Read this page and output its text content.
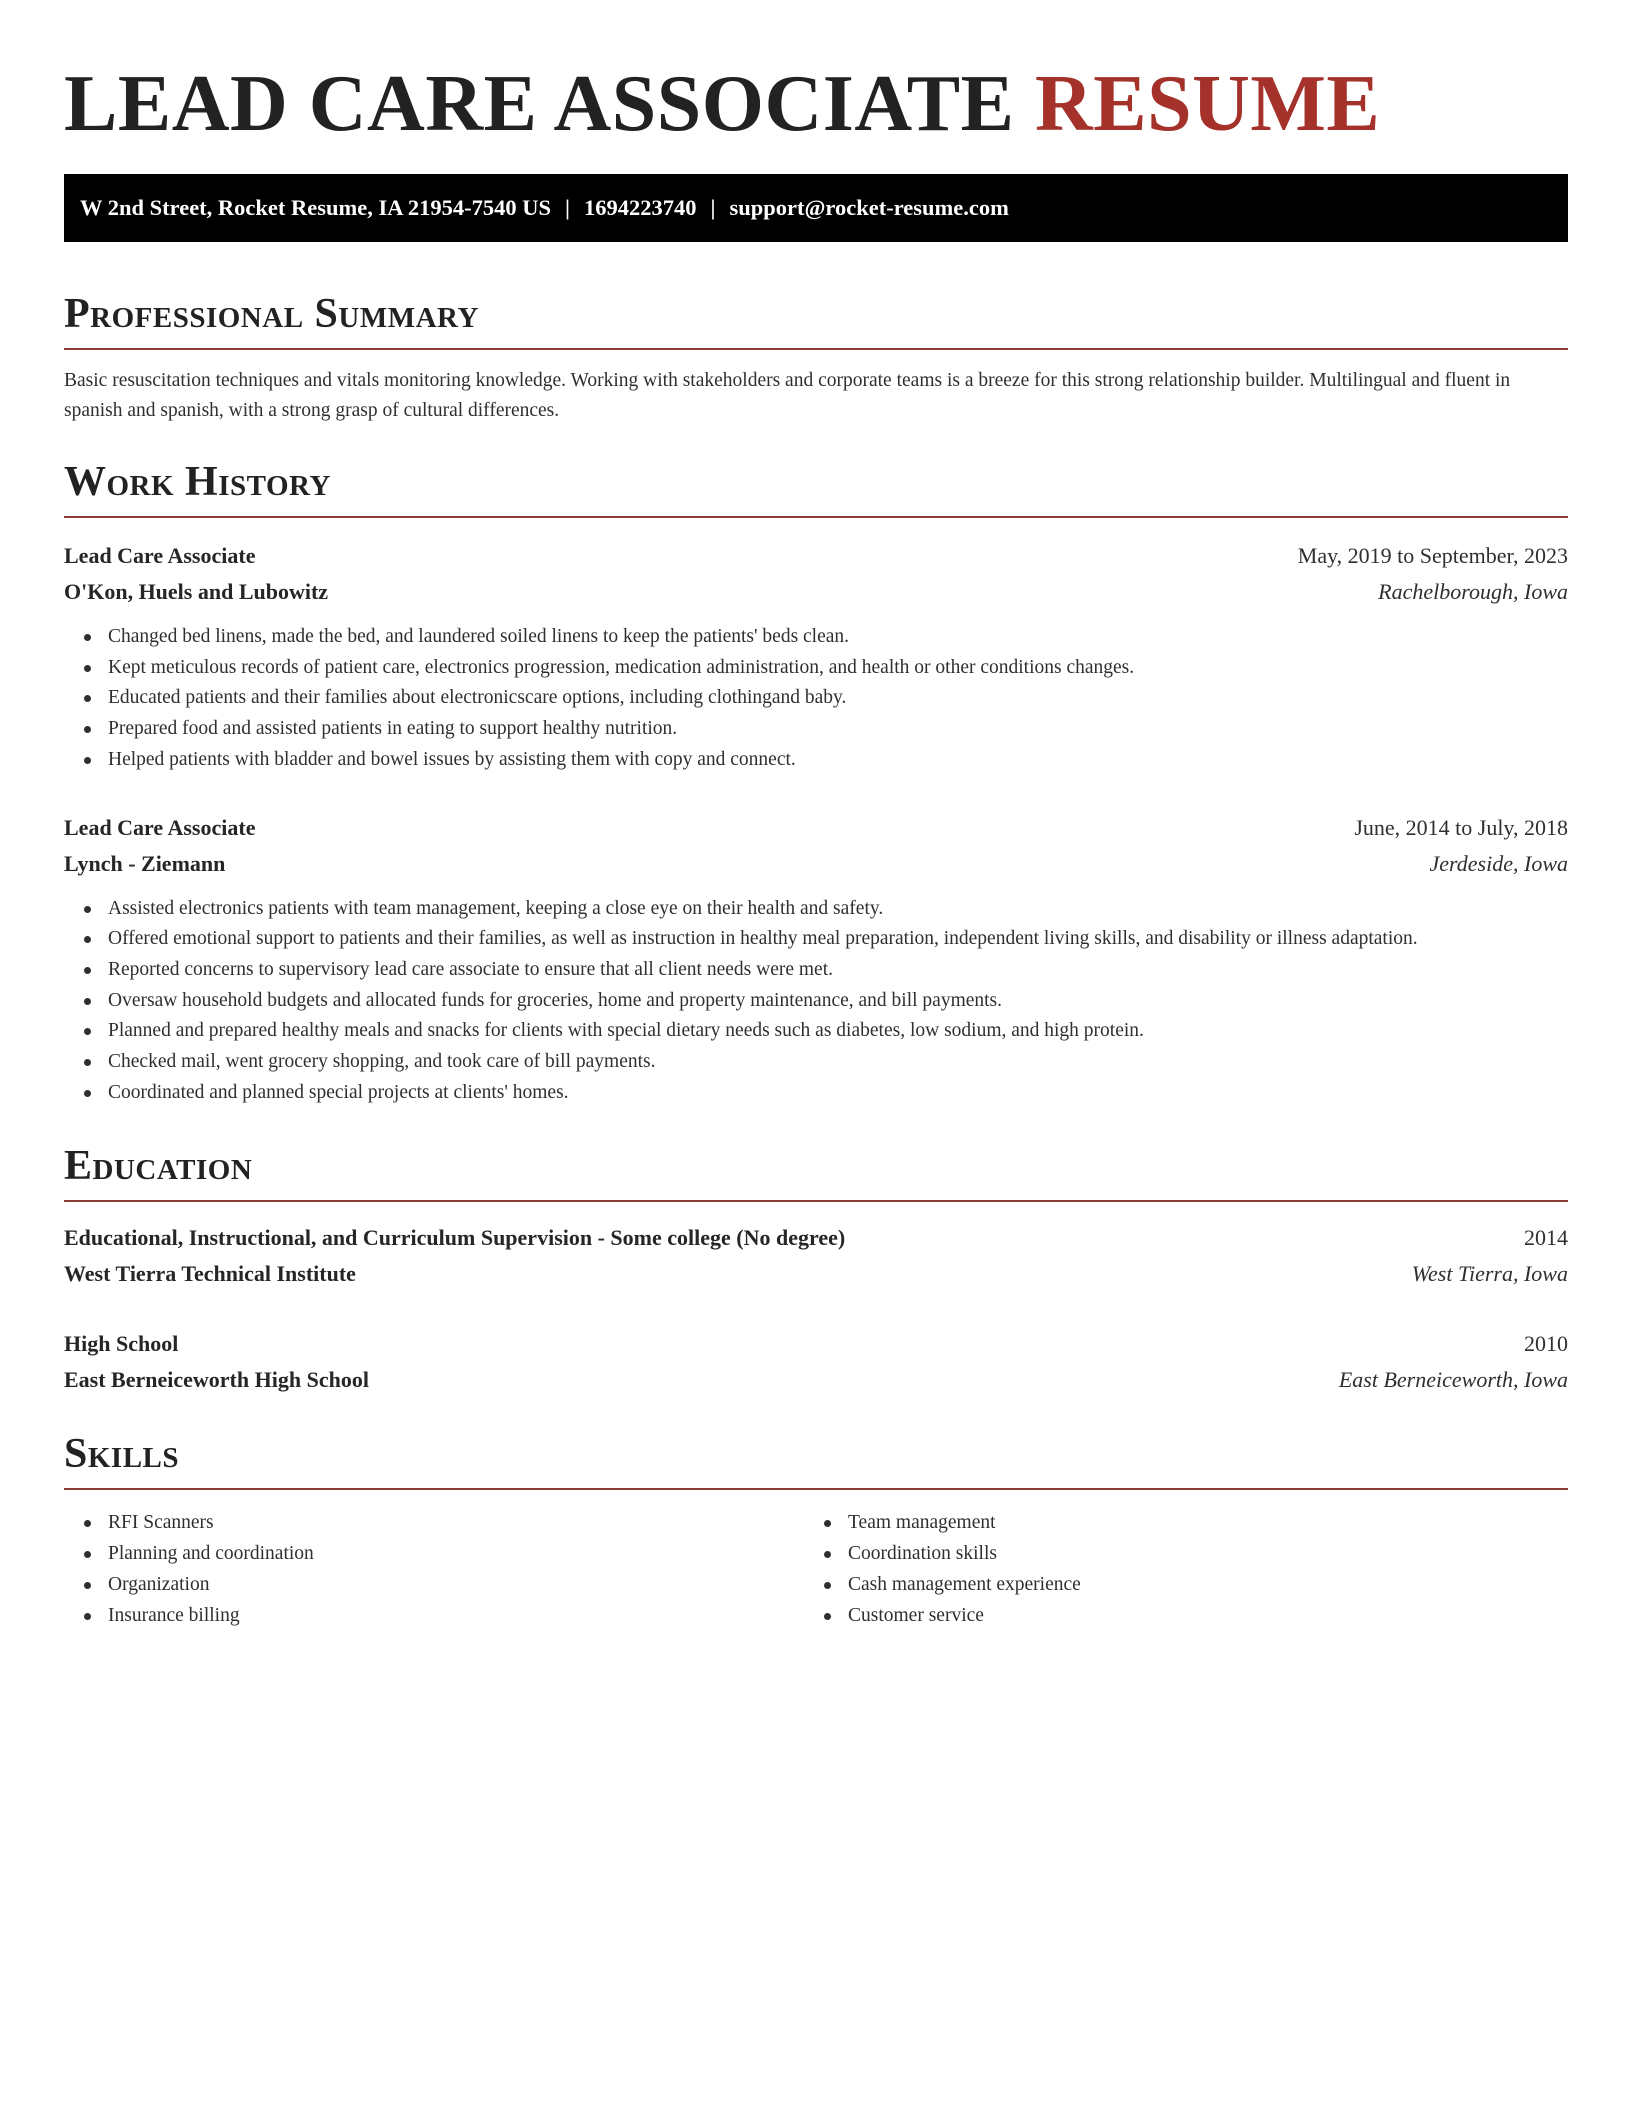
LEAD CARE ASSOCIATE RESUME
W 2nd Street, Rocket Resume, IA 21954-7540 US | 1694223740 | support@rocket-resume.com
Professional Summary

Basic resuscitation techniques and vitals monitoring knowledge. Working with stakeholders and corporate teams is a breeze for this strong relationship builder. Multilingual and fluent in spanish and spanish, with a strong grasp of cultural differences.

Work History
Lead Care Associate	May, 2019 to September, 2023
O'Kon, Huels and Lubowitz	Rachelborough, Iowa
Changed bed linens, made the bed, and laundered soiled linens to keep the patients' beds clean.
Kept meticulous records of patient care, electronics progression, medication administration, and health or other conditions changes.
Educated patients and their families about electronicscare options, including clothingand baby.
Prepared food and assisted patients in eating to support healthy nutrition.
Helped patients with bladder and bowel issues by assisting them with copy and connect.
Lead Care Associate	June, 2014 to July, 2018
Lynch - Ziemann	Jerdeside, Iowa
Assisted electronics patients with team management, keeping a close eye on their health and safety.
Offered emotional support to patients and their families, as well as instruction in healthy meal preparation, independent living skills, and disability or illness adaptation.
Reported concerns to supervisory lead care associate to ensure that all client needs were met.
Oversaw household budgets and allocated funds for groceries, home and property maintenance, and bill payments.
Planned and prepared healthy meals and snacks for clients with special dietary needs such as diabetes, low sodium, and high protein.
Checked mail, went grocery shopping, and took care of bill payments.
Coordinated and planned special projects at clients' homes.
Education
Educational, Instructional, and Curriculum Supervision - Some college (No degree)	2014
West Tierra Technical Institute	West Tierra, Iowa
High School	2010
East Berneiceworth High School	East Berneiceworth, Iowa
Skills
RFI Scanners
Planning and coordination
Organization
Insurance billing
Team management
Coordination skills
Cash management experience
Customer service
